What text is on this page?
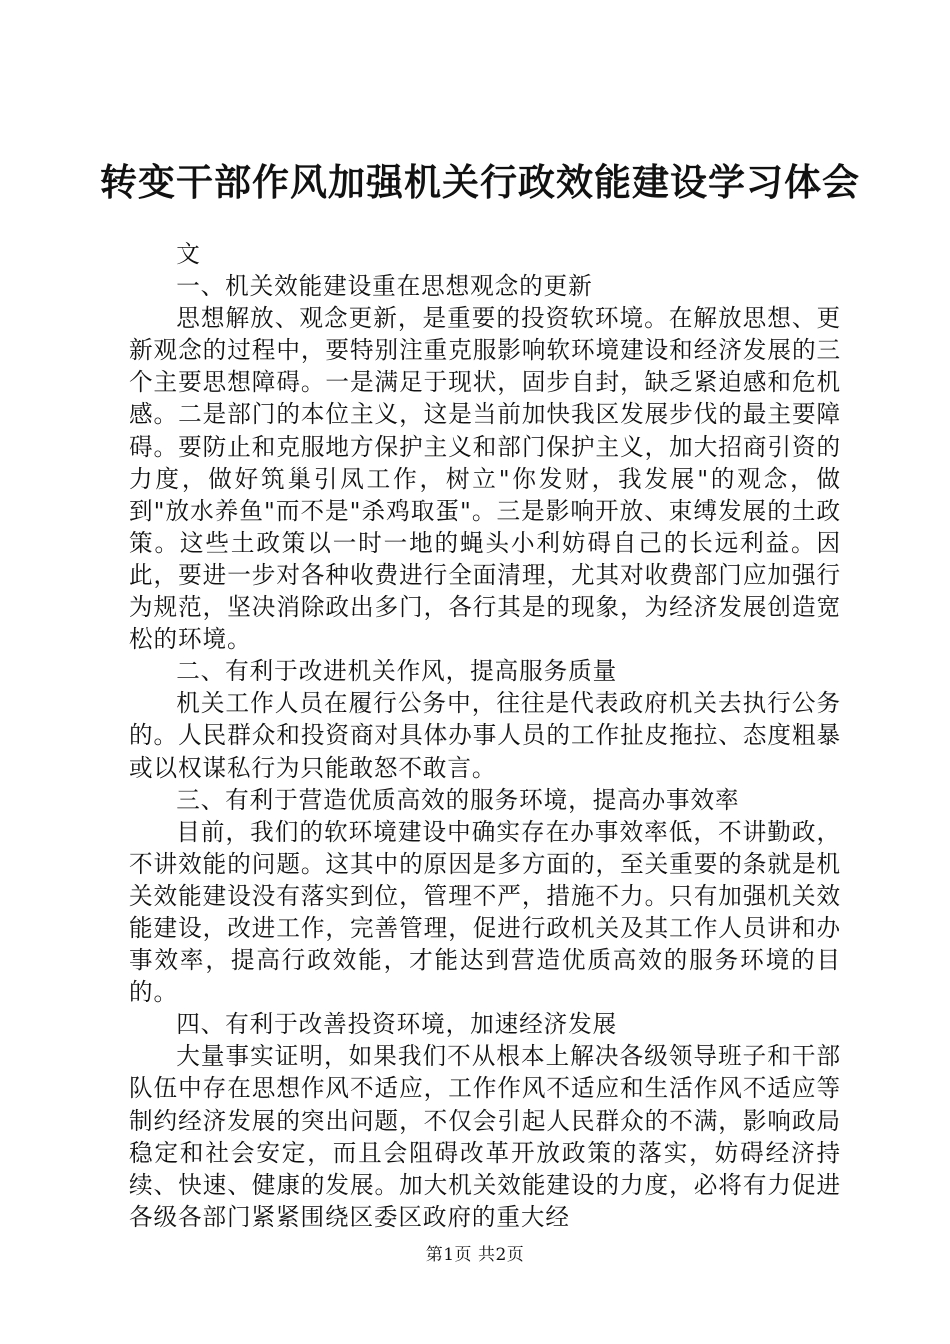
转变干部作风加强机关行政效能建设学习体会

文

一、机关效能建设重在思想观念的更新

思想解放、观念更新，是重要的投资软环境。在解放思想、更新观念的过程中，要特别注重克服影响软环境建设和经济发展的三个主要思想障碍。一是满足于现状，固步自封，缺乏紧迫感和危机感。二是部门的本位主义，这是当前加快我区发展步伐的最主要障碍。要防止和克服地方保护主义和部门保护主义，加大招商引资的力度，做好筑巢引凤工作，树立"你发财，我发展"的观念，做到"放水养鱼"而不是"杀鸡取蛋"。三是影响开放、束缚发展的土政策。这些土政策以一时一地的蝇头小利妨碍自己的长远利益。因此，要进一步对各种收费进行全面清理，尤其对收费部门应加强行为规范，坚决消除政出多门，各行其是的现象，为经济发展创造宽松的环境。

二、有利于改进机关作风，提高服务质量

机关工作人员在履行公务中，往往是代表政府机关去执行公务的。人民群众和投资商对具体办事人员的工作扯皮拖拉、态度粗暴或以权谋私行为只能敢怒不敢言。

三、有利于营造优质高效的服务环境，提高办事效率

目前，我们的软环境建设中确实存在办事效率低，不讲勤政，不讲效能的问题。这其中的原因是多方面的，至关重要的条就是机关效能建设没有落实到位，管理不严，措施不力。只有加强机关效能建设，改进工作，完善管理，促进行政机关及其工作人员讲和办事效率，提高行政效能，才能达到营造优质高效的服务环境的目的。

四、有利于改善投资环境，加速经济发展

大量事实证明，如果我们不从根本上解决各级领导班子和干部队伍中存在思想作风不适应，工作作风不适应和生活作风不适应等制约经济发展的突出问题，不仅会引起人民群众的不满，影响政局稳定和社会安定，而且会阻碍改革开放政策的落实，妨碍经济持续、快速、健康的发展。加大机关效能建设的力度，必将有力促进各级各部门紧紧围绕区委区政府的重大经

第1页 共2页
